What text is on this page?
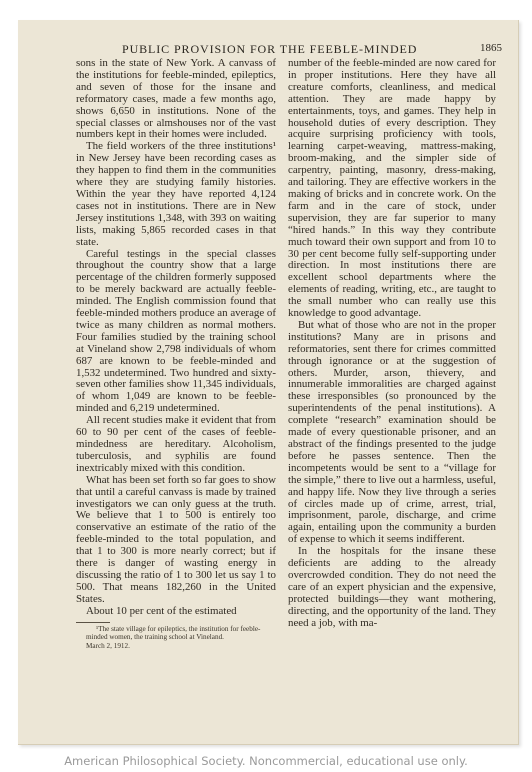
PUBLIC PROVISION FOR THE FEEBLE-MINDED	1865

sons in the state of New York. A canvass of the institutions for feeble-minded, epileptics, and seven of those for the insane and reformatory cases, made a few months ago, shows 6,650 in institutions. None of the special classes or almshouses nor of the vast numbers kept in their homes were included.

The field workers of the three institutions¹ in New Jersey have been recording cases as they happen to find them in the communities where they are studying family histories. Within the year they have reported 4,124 cases not in institutions. There are in New Jersey institutions 1,348, with 393 on waiting lists, making 5,865 recorded cases in that state.

Careful testings in the special classes throughout the country show that a large percentage of the children formerly supposed to be merely backward are actually feeble-minded. The English commission found that feeble-minded mothers produce an average of twice as many children as normal mothers. Four families studied by the training school at Vineland show 2,798 individuals of whom 687 are known to be feeble-minded and 1,532 undetermined. Two hundred and sixty-seven other families show 11,345 individuals, of whom 1,049 are known to be feeble-minded and 6,219 undetermined.

All recent studies make it evident that from 60 to 90 per cent of the cases of feeble-mindedness are hereditary. Alcoholism, tuberculosis, and syphilis are found inextricably mixed with this condition.

What has been set forth so far goes to show that until a careful canvass is made by trained investigators we can only guess at the truth. We believe that 1 to 500 is entirely too conservative an estimate of the ratio of the feeble-minded to the total population, and that 1 to 300 is more nearly correct; but if there is danger of wasting energy in discussing the ratio of 1 to 300 let us say 1 to 500. That means 182,260 in the United States.

About 10 per cent of the estimated

¹The state village for epileptics, the institution for feeble-minded women, the training school at Vineland.

March 2, 1912.

number of the feeble-minded are now cared for in proper institutions. Here they have all creature comforts, cleanliness, and medical attention. They are made happy by entertainments, toys, and games. They help in household duties of every description. They acquire surprising proficiency with tools, learning carpet-weaving, mattress-making, broom-making, and the simpler side of carpentry, painting, masonry, dress-making, and tailoring. They are effective workers in the making of bricks and in concrete work. On the farm and in the care of stock, under supervision, they are far superior to many “hired hands.” In this way they contribute much toward their own support and from 10 to 30 per cent become fully self-supporting under direction. In most institutions there are excellent school departments where the elements of reading, writing, etc., are taught to the small number who can really use this knowledge to good advantage.

But what of those who are not in the proper institutions? Many are in prisons and reformatories, sent there for crimes committed through ignorance or at the suggestion of others. Murder, arson, thievery, and innumerable immoralities are charged against these irresponsibles (so pronounced by the superintendents of the penal institutions). A complete “research” examination should be made of every questionable prisoner, and an abstract of the findings presented to the judge before he passes sentence. Then the incompetents would be sent to a “village for the simple,” there to live out a harmless, useful, and happy life. Now they live through a series of circles made up of crime, arrest, trial, imprisonment, parole, discharge, and crime again, entailing upon the community a burden of expense to which it seems indifferent.

In the hospitals for the insane these deficients are adding to the already overcrowded condition. They do not need the care of an expert physician and the expensive, protected buildings—they want mothering, directing, and the opportunity of the land. They need a job, with ma-

American Philosophical Society. Noncommercial, educational use only.
